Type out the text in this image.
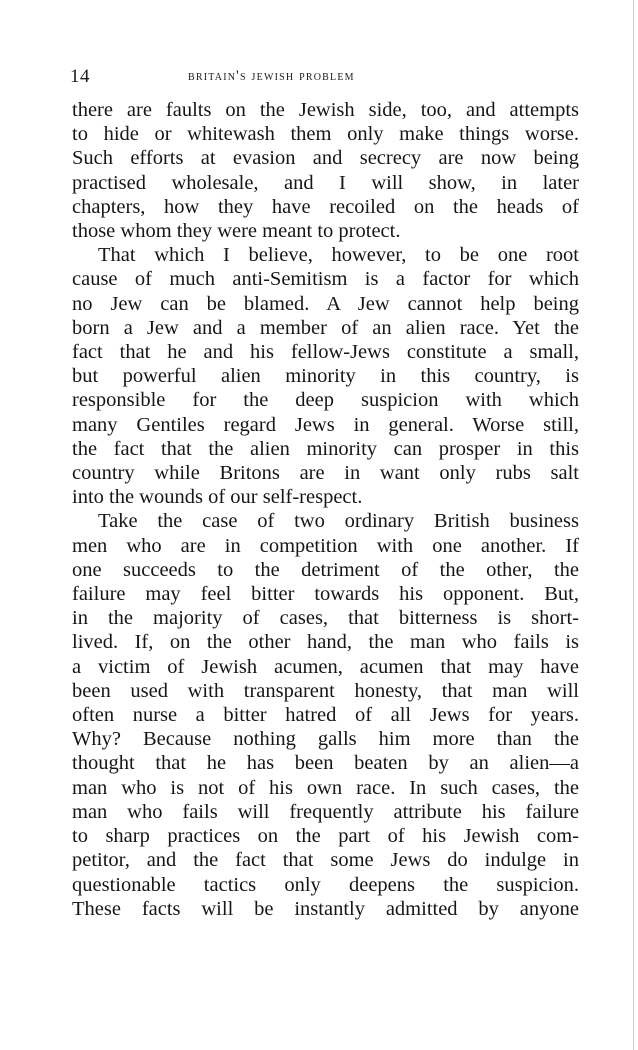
14	britain's jewish problem

there are faults on the Jewish side, too, and attempts
to hide or whitewash them only make things worse.
Such efforts at evasion and secrecy are now being
practised wholesale, and I will show, in later
chapters, how they have recoiled on the heads of
those whom they were meant to protect.

That which I believe, however, to be one root
cause of much anti-Semitism is a factor for which
no Jew can be blamed. A Jew cannot help being
born a Jew and a member of an alien race. Yet the
fact that he and his fellow-Jews constitute a small,
but powerful alien minority in this country, is
responsible for the deep suspicion with which
many Gentiles regard Jews in general. Worse still,
the fact that the alien minority can prosper in this
country while Britons are in want only rubs salt
into the wounds of our self-respect.

Take the case of two ordinary British business
men who are in competition with one another. If
one succeeds to the detriment of the other, the
failure may feel bitter towards his opponent. But,
in the majority of cases, that bitterness is short-
lived. If, on the other hand, the man who fails is
a victim of Jewish acumen, acumen that may have
been used with transparent honesty, that man will
often nurse a bitter hatred of all Jews for years.
Why? Because nothing galls him more than the
thought that he has been beaten by an alien—a
man who is not of his own race. In such cases, the
man who fails will frequently attribute his failure
to sharp practices on the part of his Jewish com-
petitor, and the fact that some Jews do indulge in
questionable tactics only deepens the suspicion.
These facts will be instantly admitted by anyone
